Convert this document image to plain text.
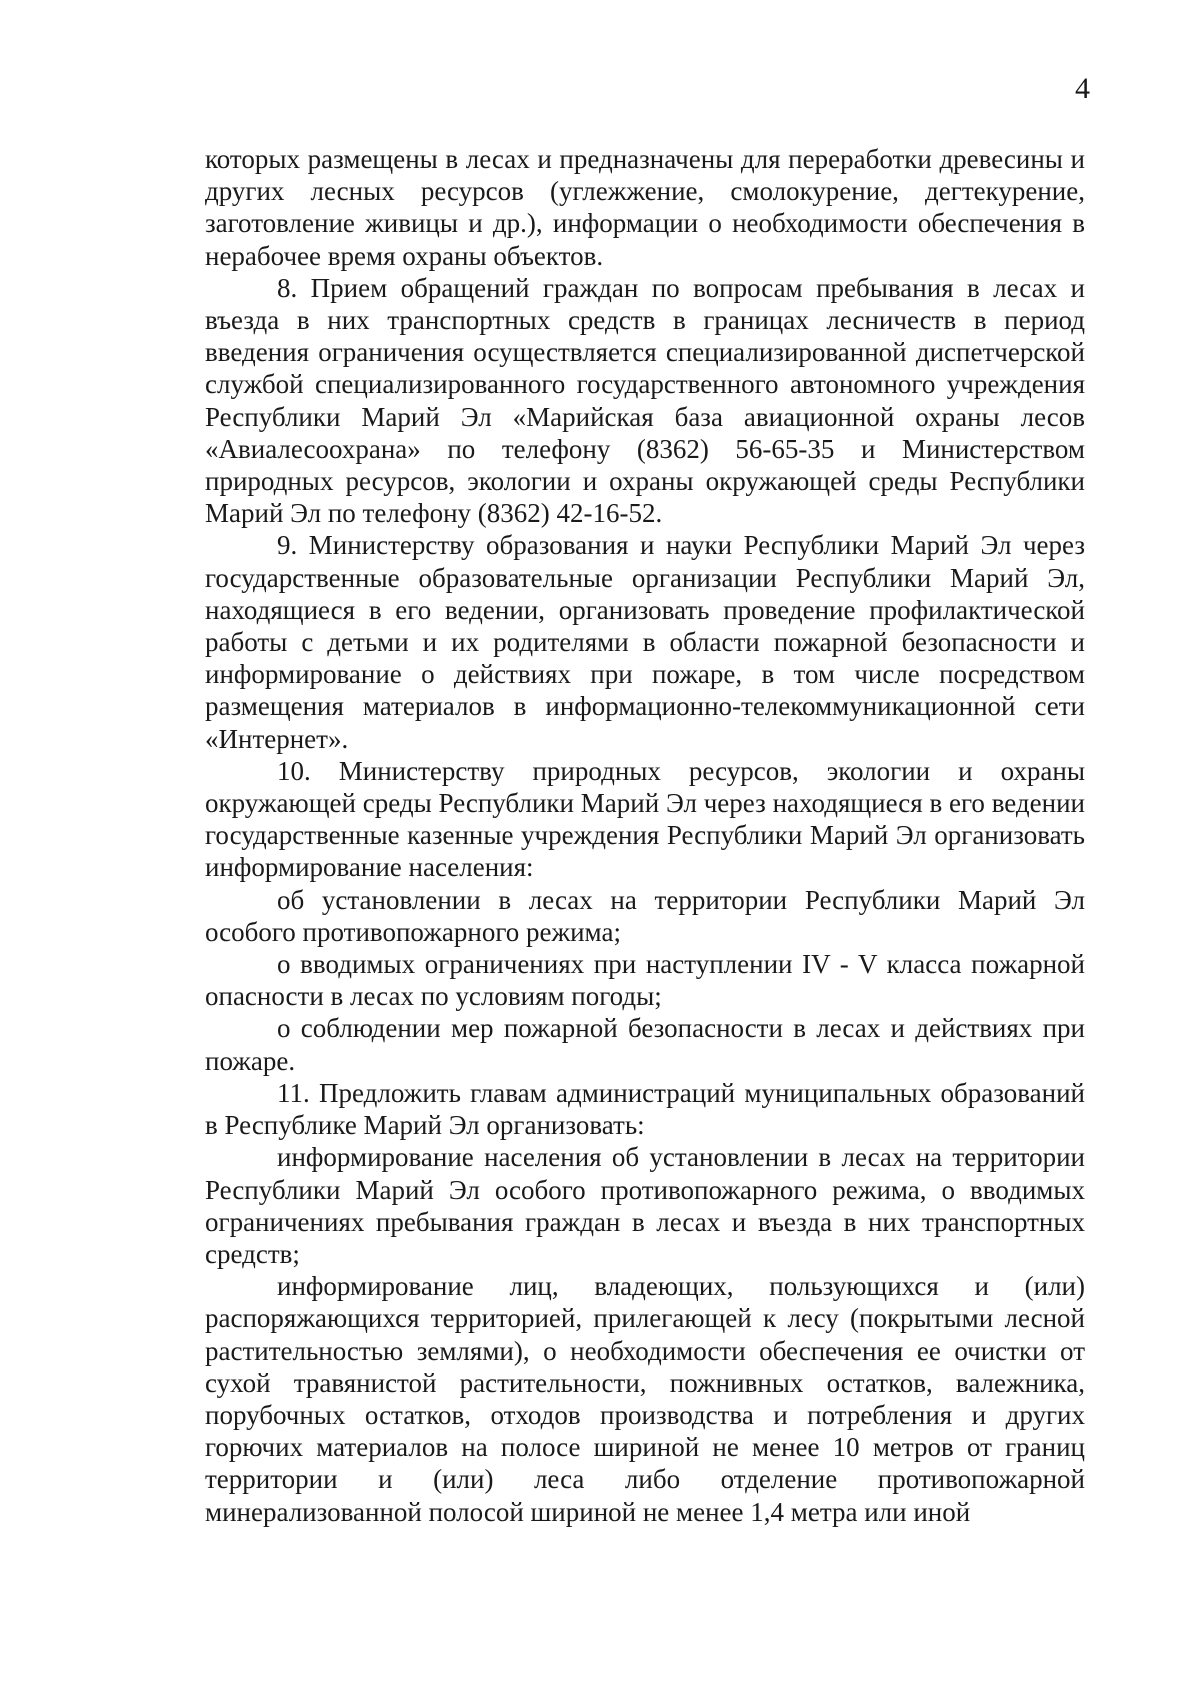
4

которых размещены в лесах и предназначены для переработки древесины и других лесных ресурсов (углежжение, смолокурение, дегтекурение, заготовление живицы и др.), информации о необходимости обеспечения в нерабочее время охраны объектов.

8. Прием обращений граждан по вопросам пребывания в лесах и въезда в них транспортных средств в границах лесничеств в период введения ограничения осуществляется специализированной диспетчерской службой специализированного государственного автономного учреждения Республики Марий Эл «Марийская база авиационной охраны лесов «Авиалесоохрана» по телефону (8362) 56-65-35 и Министерством природных ресурсов, экологии и охраны окружающей среды Республики Марий Эл по телефону (8362) 42-16-52.

9. Министерству образования и науки Республики Марий Эл через государственные образовательные организации Республики Марий Эл, находящиеся в его ведении, организовать проведение профилактической работы с детьми и их родителями в области пожарной безопасности и информирование о действиях при пожаре, в том числе посредством размещения материалов в информационно-телекоммуникационной сети «Интернет».

10. Министерству природных ресурсов, экологии и охраны окружающей среды Республики Марий Эл через находящиеся в его ведении государственные казенные учреждения Республики Марий Эл организовать информирование населения:

об установлении в лесах на территории Республики Марий Эл особого противопожарного режима;

о вводимых ограничениях при наступлении IV - V класса пожарной опасности в лесах по условиям погоды;

о соблюдении мер пожарной безопасности в лесах и действиях при пожаре.

11. Предложить главам администраций муниципальных образований в Республике Марий Эл организовать:

информирование населения об установлении в лесах на территории Республики Марий Эл особого противопожарного режима, о вводимых ограничениях пребывания граждан в лесах и въезда в них транспортных средств;

информирование лиц, владеющих, пользующихся и (или) распоряжающихся территорией, прилегающей к лесу (покрытыми лесной растительностью землями), о необходимости обеспечения ее очистки от сухой травянистой растительности, пожнивных остатков, валежника, порубочных остатков, отходов производства и потребления и других горючих материалов на полосе шириной не менее 10 метров от границ территории и (или) леса либо отделение противопожарной минерализованной полосой шириной не менее 1,4 метра или иной
